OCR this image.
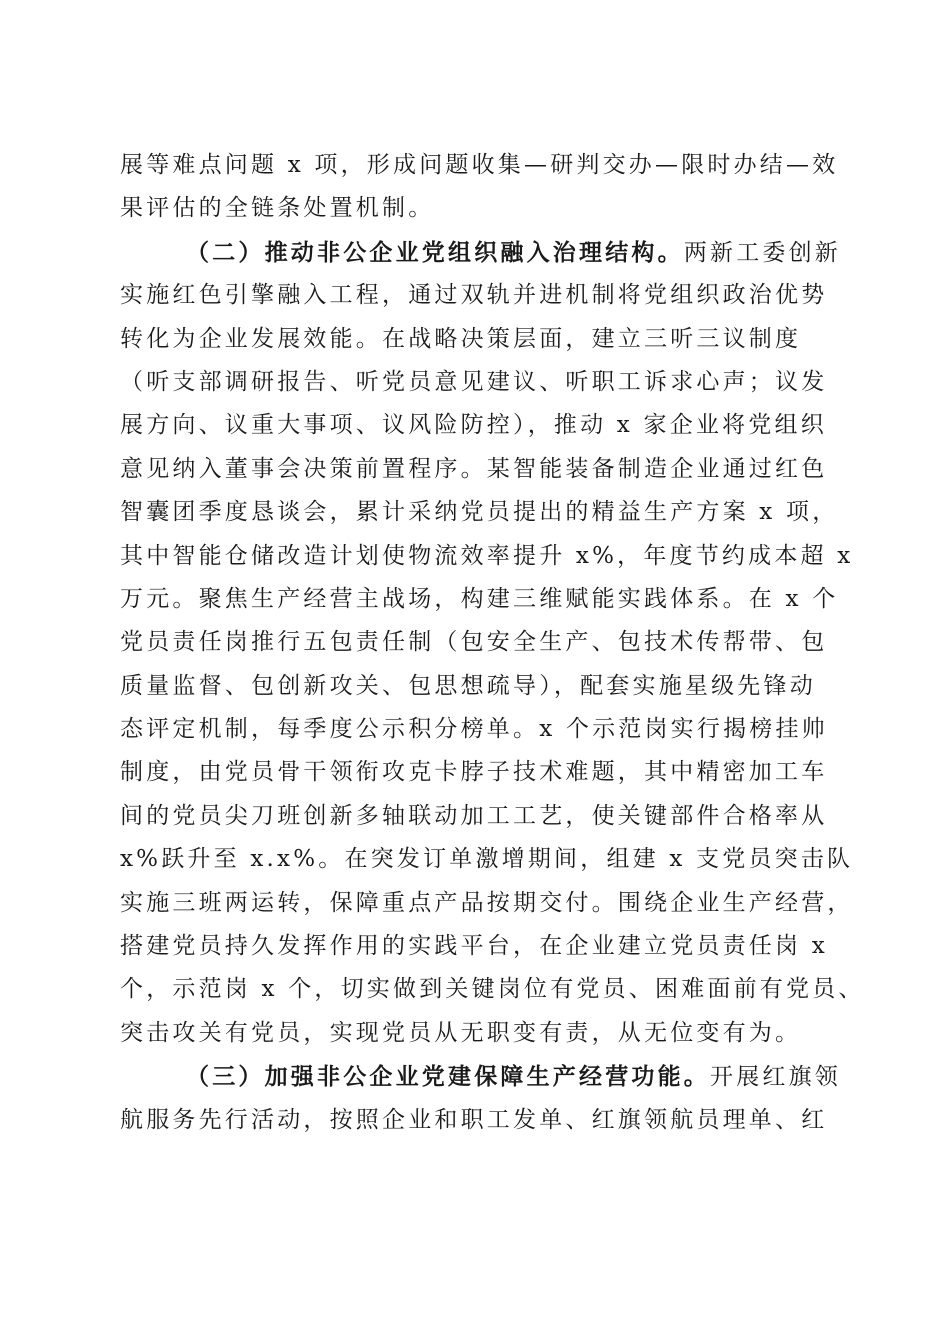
展等难点问题 x 项，形成问题收集—研判交办—限时办结—效
果评估的全链条处置机制。
（二）推动非公企业党组织融入治理结构。两新工委创新
实施红色引擎融入工程，通过双轨并进机制将党组织政治优势
转化为企业发展效能。在战略决策层面，建立三听三议制度
（听支部调研报告、听党员意见建议、听职工诉求心声；议发
展方向、议重大事项、议风险防控），推动 x 家企业将党组织
意见纳入董事会决策前置程序。某智能装备制造企业通过红色
智囊团季度恳谈会，累计采纳党员提出的精益生产方案 x 项，
其中智能仓储改造计划使物流效率提升 x%，年度节约成本超 x
万元。聚焦生产经营主战场，构建三维赋能实践体系。在 x 个
党员责任岗推行五包责任制（包安全生产、包技术传帮带、包
质量监督、包创新攻关、包思想疏导），配套实施星级先锋动
态评定机制，每季度公示积分榜单。x 个示范岗实行揭榜挂帅
制度，由党员骨干领衔攻克卡脖子技术难题，其中精密加工车
间的党员尖刀班创新多轴联动加工工艺，使关键部件合格率从
x%跃升至 x.x%。在突发订单激增期间，组建 x 支党员突击队
实施三班两运转，保障重点产品按期交付。围绕企业生产经营，
搭建党员持久发挥作用的实践平台，在企业建立党员责任岗 x
个，示范岗 x 个，切实做到关键岗位有党员、困难面前有党员、
突击攻关有党员，实现党员从无职变有责，从无位变有为。
（三）加强非公企业党建保障生产经营功能。开展红旗领
航服务先行活动，按照企业和职工发单、红旗领航员理单、红
